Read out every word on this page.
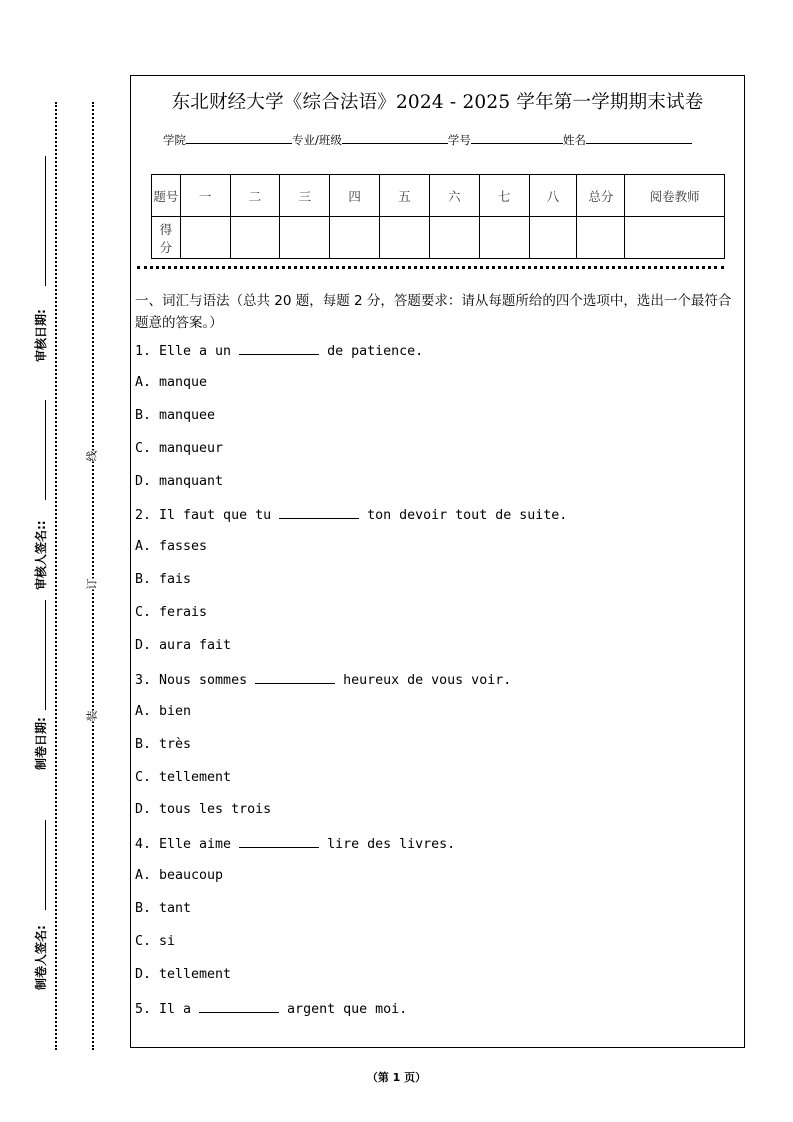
审核日期:
审核人签名::
制卷日期:
制卷人签名:
线
订
装
东北财经大学《综合法语》2024 - 2025 学年第一学期期末试卷
学院	专业/班级	学号	姓名
题号	一	二	三	四	五	六	七	八	总分	阅卷教师
得分										
一、词汇与语法（总共 20 题，每题 2 分，答题要求：请从每题所给的四个选项中，选出一个最符合题意的答案。）
1. Elle a un	de patience.
A. manque
B. manquee
C. manqueur
D. manquant
2. Il faut que tu	ton devoir tout de suite.
A. fasses
B. fais
C. ferais
D. aura fait
3. Nous sommes	heureux de vous voir.
A. bien
B. très
C. tellement
D. tous les trois
4. Elle aime	lire des livres.
A. beaucoup
B. tant
C. si
D. tellement
5. Il a	argent que moi.
（第 1 页）
